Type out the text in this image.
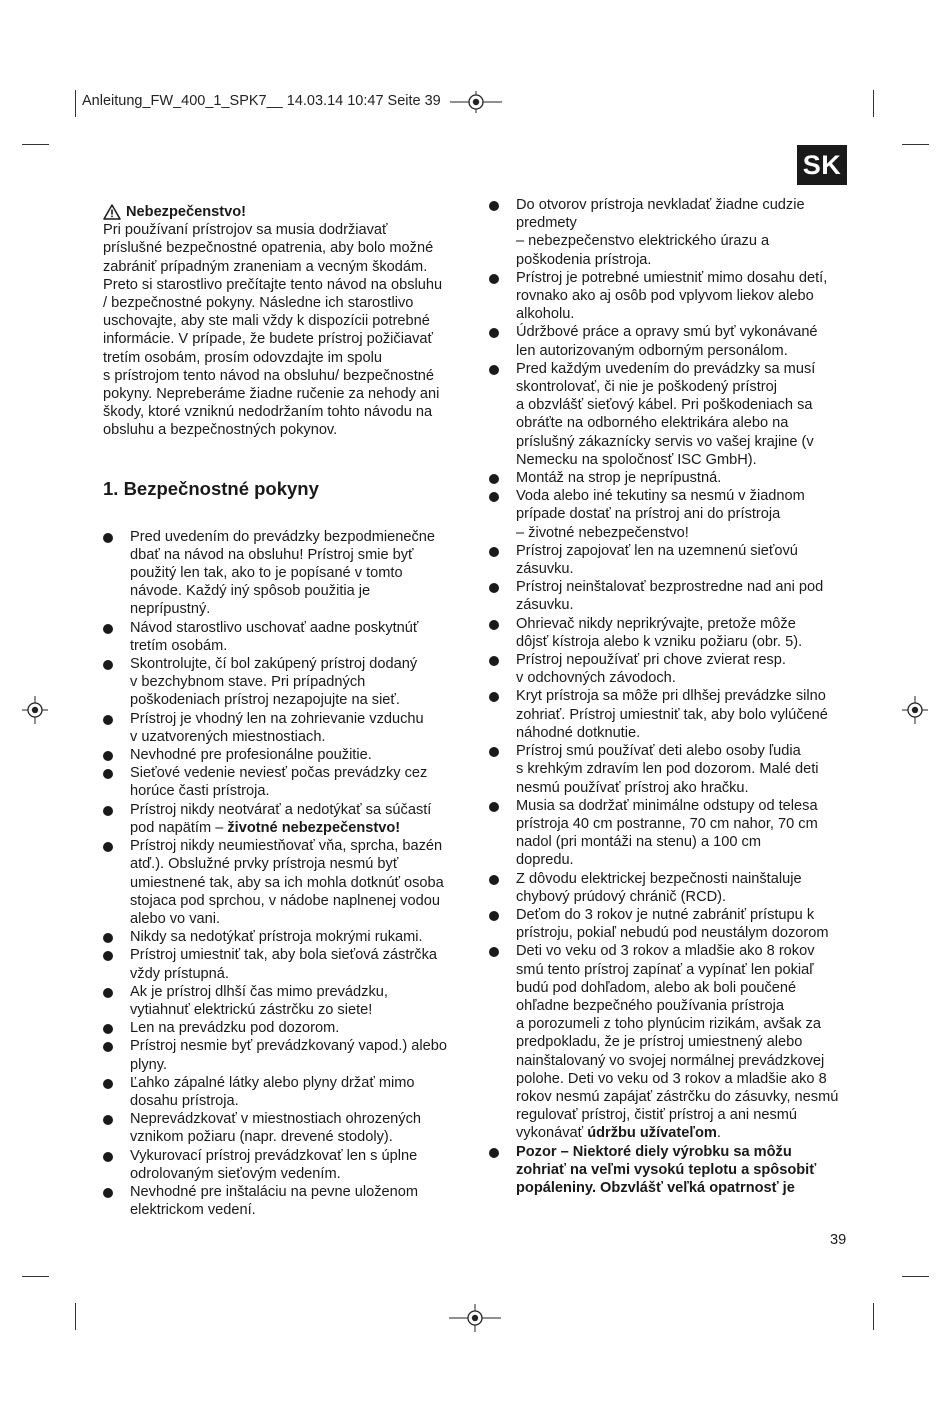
Anleitung_FW_400_1_SPK7__ 14.03.14 10:47 Seite 39
SK
Nebezpečenstvo!
Pri používaní prístrojov sa musia dodržiavať
príslušné bezpečnostné opatrenia, aby bolo možné
zabrániť prípadným zraneniam a vecným škodám.
Preto si starostlivo prečítajte tento návod na obsluhu
/ bezpečnostné pokyny. Následne ich starostlivo
uschovajte, aby ste mali vždy k dispozícii potrebné
informácie. V prípade, že budete prístroj požičiavať
tretím osobám, prosím odovzdajte im spolu
s prístrojom tento návod na obsluhu/ bezpečnostné
pokyny. Nepreberáme žiadne ručenie za nehody ani
škody, ktoré vzniknú nedodržaním tohto návodu na
obsluhu a bezpečnostných pokynov.
1. Bezpečnostné pokyny
Pred uvedením do prevádzky bezpodmienečne
dbať na návod na obsluhu! Prístroj smie byť
použitý len tak, ako to je popísané v tomto
návode. Každý iný spôsob použitia je
neprípustný.
Návod starostlivo uschovať aadne poskytnúť
tretím osobám.
Skontrolujte, čí bol zakúpený prístroj dodaný
v bezchybnom stave. Pri prípadných
poškodeniach prístroj nezapojujte na sieť.
Prístroj je vhodný len na zohrievanie vzduchu
v uzatvorených miestnostiach.
Nevhodné pre profesionálne použitie.
Sieťové vedenie neviesť počas prevádzky cez
horúce časti prístroja.
Prístroj nikdy neotvárať a nedotýkať sa súčastí
pod napätím – životné nebezpečenstvo!
Prístroj nikdy neumiestňovať vňa, sprcha, bazén
atď.). Obslužné prvky prístroja nesmú byť
umiestnené tak, aby sa ich mohla dotknúť osoba
stojaca pod sprchou, v nádobe naplnenej vodou
alebo vo vani.
Nikdy sa nedotýkať prístroja mokrými rukami.
Prístroj umiestniť tak, aby bola sieťová zástrčka
vždy prístupná.
Ak je prístroj dlhší čas mimo prevádzku,
vytiahnuť elektrickú zástrčku zo siete!
Len na prevádzku pod dozorom.
Prístroj nesmie byť prevádzkovaný vapod.) alebo
plyny.
Ľahko zápalné látky alebo plyny držať mimo
dosahu prístroja.
Neprevádzkovať v miestnostiach ohrozených
vznikom požiaru (napr. drevené stodoly).
Vykurovací prístroj prevádzkovať len s úplne
odrolovaným sieťovým vedením.
Nevhodné pre inštaláciu na pevne uloženom
elektrickom vedení.
Do otvorov prístroja nevkladať žiadne cudzie
predmety
– nebezpečenstvo elektrického úrazu a
poškodenia prístroja.
Prístroj je potrebné umiestniť mimo dosahu detí,
rovnako ako aj osôb pod vplyvom liekov alebo
alkoholu.
Údržbové práce a opravy smú byť vykonávané
len autorizovaným odborným personálom.
Pred každým uvedením do prevádzky sa musí
skontrolovať, či nie je poškodený prístroj
a obzvlášť sieťový kábel. Pri poškodeniach sa
obráťte na odborného elektrikára alebo na
príslušný zákaznícky servis vo vašej krajine (v
Nemecku na spoločnosť ISC GmbH).
Montáž na strop je neprípustná.
Voda alebo iné tekutiny sa nesmú v žiadnom
prípade dostať na prístroj ani do prístroja
– životné nebezpečenstvo!
Prístroj zapojovať len na uzemnenú sieťovú
zásuvku.
Prístroj neinštalovať bezprostredne nad ani pod
zásuvku.
Ohrievač nikdy neprikrývajte, pretože môže
dôjsť kístroja alebo k vzniku požiaru (obr. 5).
Prístroj nepoužívať pri chove zvierat resp.
v odchovných závodoch.
Kryt prístroja sa môže pri dlhšej prevádzke silno
zohriať. Prístroj umiestniť tak, aby bolo vylúčené
náhodné dotknutie.
Prístroj smú používať deti alebo osoby ľudia
s krehkým zdravím len pod dozorom. Malé deti
nesmú používať prístroj ako hračku.
Musia sa dodržať minimálne odstupy od telesa
prístroja 40 cm postranne, 70 cm nahor, 70 cm
nadol (pri montáži na stenu) a 100 cm
dopredu.
Z dôvodu elektrickej bezpečnosti nainštaluje
chybový prúdový chránič (RCD).
Deťom do 3 rokov je nutné zabrániť prístupu k
prístroju, pokiaľ nebudú pod neustálym dozorom
Deti vo veku od 3 rokov a mladšie ako 8 rokov
smú tento prístroj zapínať a vypínať len pokiaľ
budú pod dohľadom, alebo ak boli poučené
ohľadne bezpečného používania prístroja
a porozumeli z toho plynúcim rizikám, avšak za
predpokladu, že je prístroj umiestnený alebo
nainštalovaný vo svojej normálnej prevádzkovej
polohe. Deti vo veku od 3 rokov a mladšie ako 8
rokov nesmú zapájať zástrčku do zásuvky, nesmú
regulovať prístroj, čistiť prístroj a ani nesmú
vykonávať údržbu užívateľom.
Pozor – Niektoré diely výrobku sa môžu
zohriať na veľmi vysokú teplotu a spôsobiť
popáleniny. Obzvlášť veľká opatrnosť je
39
